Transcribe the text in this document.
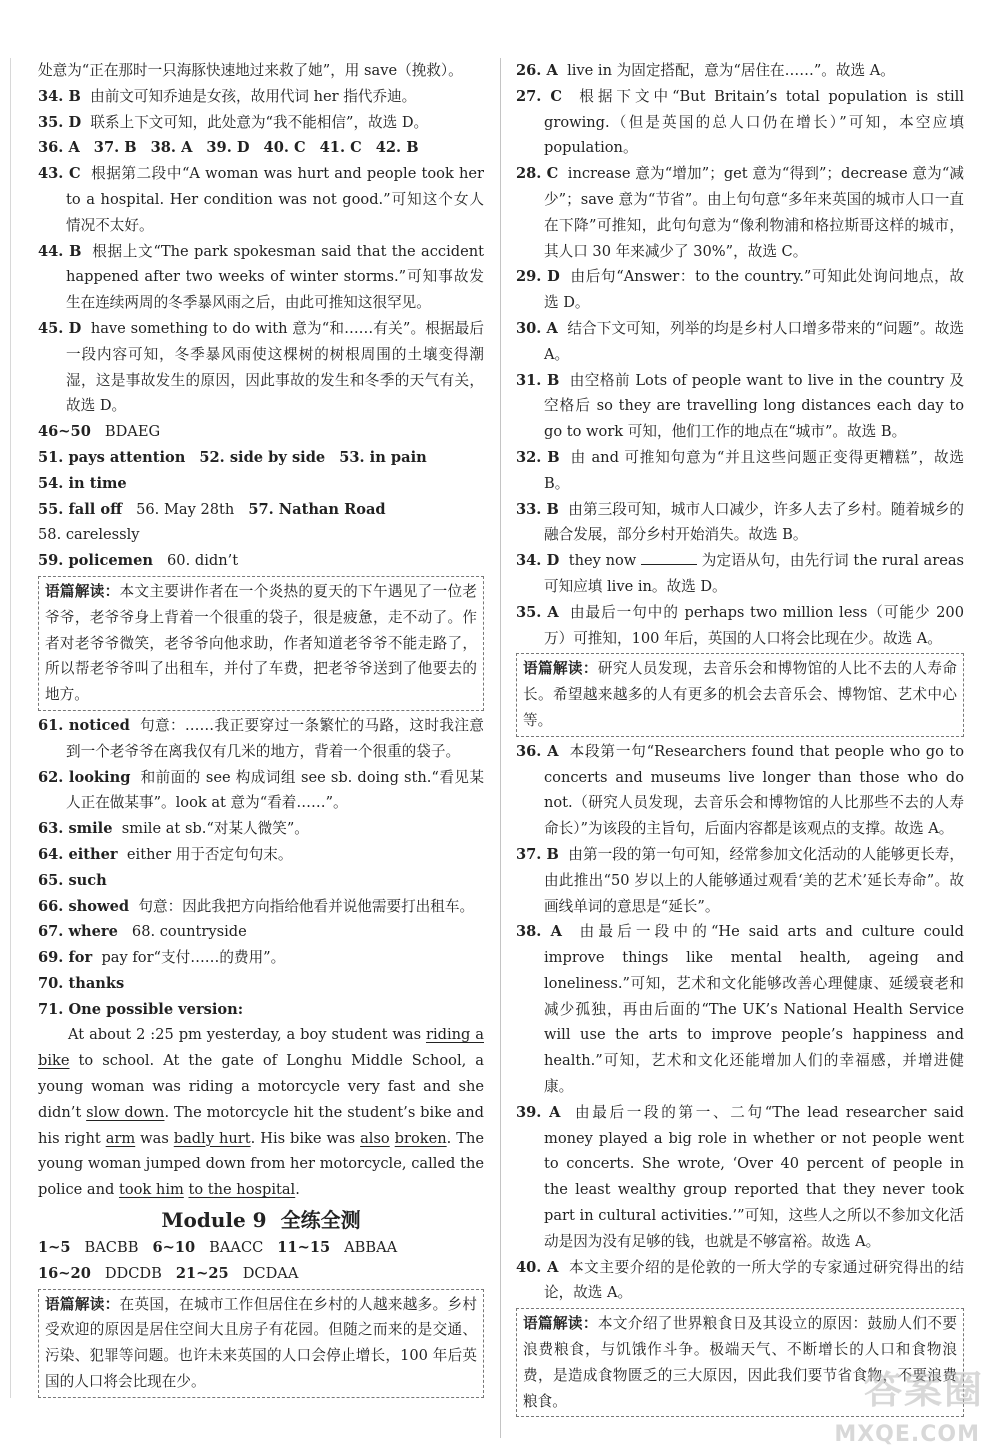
处意为“正在那时一只海豚快速地过来救了她”，用 save（挽救）。

34. B 由前文可知乔迪是女孩，故用代词 her 指代乔迪。

35. D 联系上下文可知，此处意为“我不能相信”，故选 D。

36. A 37. B 38. A 39. D 40. C 41. C 42. B

43. C 根据第二段中“A woman was hurt and people took her to a hospital. Her condition was not good.”可知这个女人情况不太好。

44. B 根据上文“The park spokesman said that the accident happened after two weeks of winter storms.”可知事故发生在连续两周的冬季暴风雨之后，由此可推知这很罕见。

45. D have something to do with 意为“和……有关”。根据最后一段内容可知，冬季暴风雨使这棵树的树根周围的土壤变得潮湿，这是事故发生的原因，因此事故的发生和冬季的天气有关，故选 D。

46~50 BDAEG

51. pays attention 52. side by side 53. in pain54. in time

55. fall off 56. May 28th 57. Nathan Road58. carelessly

59. policemen 60. didn’t

语篇解读：本文主要讲作者在一个炎热的夏天的下午遇见了一位老爷爷，老爷爷身上背着一个很重的袋子，很是疲惫，走不动了。作者对老爷爷微笑，老爷爷向他求助，作者知道老爷爷不能走路了，所以帮老爷爷叫了出租车，并付了车费，把老爷爷送到了他要去的地方。

61. noticed 句意：……我正要穿过一条繁忙的马路，这时我注意到一个老爷爷在离我仅有几米的地方，背着一个很重的袋子。

62. looking 和前面的 see 构成词组 see sb. doing sth.“看见某人正在做某事”。look at 意为“看着……”。

63. smile smile at sb.“对某人微笑”。

64. either either 用于否定句句末。

65. such

66. showed 句意：因此我把方向指给他看并说他需要打出租车。

67. where 68. countryside

69. for pay for“支付……的费用”。

70. thanks

71. One possible version:

At about 2 :25 pm yesterday, a boy student was riding a bike to school. At the gate of Longhu Middle School, a young woman was riding a motorcycle very fast and she didn’t slow down. The motorcycle hit the student’s bike and his right arm was badly hurt. His bike was also broken. The young woman jumped down from her motorcycle, called the police and took him to the hospital.

Module 9 全练全测

1~5 BACBB 6~10 BAACC 11~15 ABBAA

16~20 DDCDB 21~25 DCDAA

语篇解读：在英国，在城市工作但居住在乡村的人越来越多。乡村受欢迎的原因是居住空间大且房子有花园。但随之而来的是交通、污染、犯罪等问题。也许未来英国的人口会停止增长，100 年后英国的人口将会比现在少。

26. A live in 为固定搭配，意为“居住在……”。故选 A。

27. C 根据下文中“But Britain’s total population is still growing.（但是英国的总人口仍在增长）”可知，本空应填 population。

28. C increase 意为“增加”；get 意为“得到”；decrease 意为“减少”；save 意为“节省”。由上句句意“多年来英国的城市人口一直在下降”可推知，此句句意为“像利物浦和格拉斯哥这样的城市，其人口 30 年来减少了 30%”，故选 C。

29. D 由后句“Answer：to the country.”可知此处询问地点，故选 D。

30. A 结合下文可知，列举的均是乡村人口增多带来的“问题”。故选 A。

31. B 由空格前 Lots of people want to live in the country 及空格后 so they are travelling long distances each day to go to work 可知，他们工作的地点在“城市”。故选 B。

32. B 由 and 可推知句意为“并且这些问题正变得更糟糕”，故选 B。

33. B 由第三段可知，城市人口减少，许多人去了乡村。随着城乡的融合发展，部分乡村开始消失。故选 B。

34. D they now	为定语从句，由先行词 the rural areas 可知应填 live in。故选 D。

35. A 由最后一句中的 perhaps two million less（可能少 200 万）可推知，100 年后，英国的人口将会比现在少。故选 A。

语篇解读：研究人员发现，去音乐会和博物馆的人比不去的人寿命长。希望越来越多的人有更多的机会去音乐会、博物馆、艺术中心等。

36. A 本段第一句“Researchers found that people who go to concerts and museums live longer than those who do not.（研究人员发现，去音乐会和博物馆的人比那些不去的人寿命长）”为该段的主旨句，后面内容都是该观点的支撑。故选 A。

37. B 由第一段的第一句可知，经常参加文化活动的人能够更长寿，由此推出“50 岁以上的人能够通过观看‘美的艺术’延长寿命”。故画线单词的意思是“延长”。

38. A 由最后一段中的“He said arts and culture could improve things like mental health, ageing and loneliness.”可知，艺术和文化能够改善心理健康、延缓衰老和减少孤独，再由后面的“The UK’s National Health Service will use the arts to improve people’s happiness and health.”可知，艺术和文化还能增加人们的幸福感，并增进健康。

39. A 由最后一段的第一、二句“The lead researcher said money played a big role in whether or not people went to concerts. She wrote, ‘Over 40 percent of people in the least wealthy group reported that they never took part in cultural activities.’”可知，这些人之所以不参加文化活动是因为没有足够的钱，也就是不够富裕。故选 A。

40. A 本文主要介绍的是伦敦的一所大学的专家通过研究得出的结论，故选 A。

语篇解读：本文介绍了世界粮食日及其设立的原因：鼓励人们不要浪费粮食，与饥饿作斗争。极端天气、不断增长的人口和食物浪费，是造成食物匮乏的三大原因，因此我们要节省食物，不要浪费粮食。	答案圈
MXQE.COM
